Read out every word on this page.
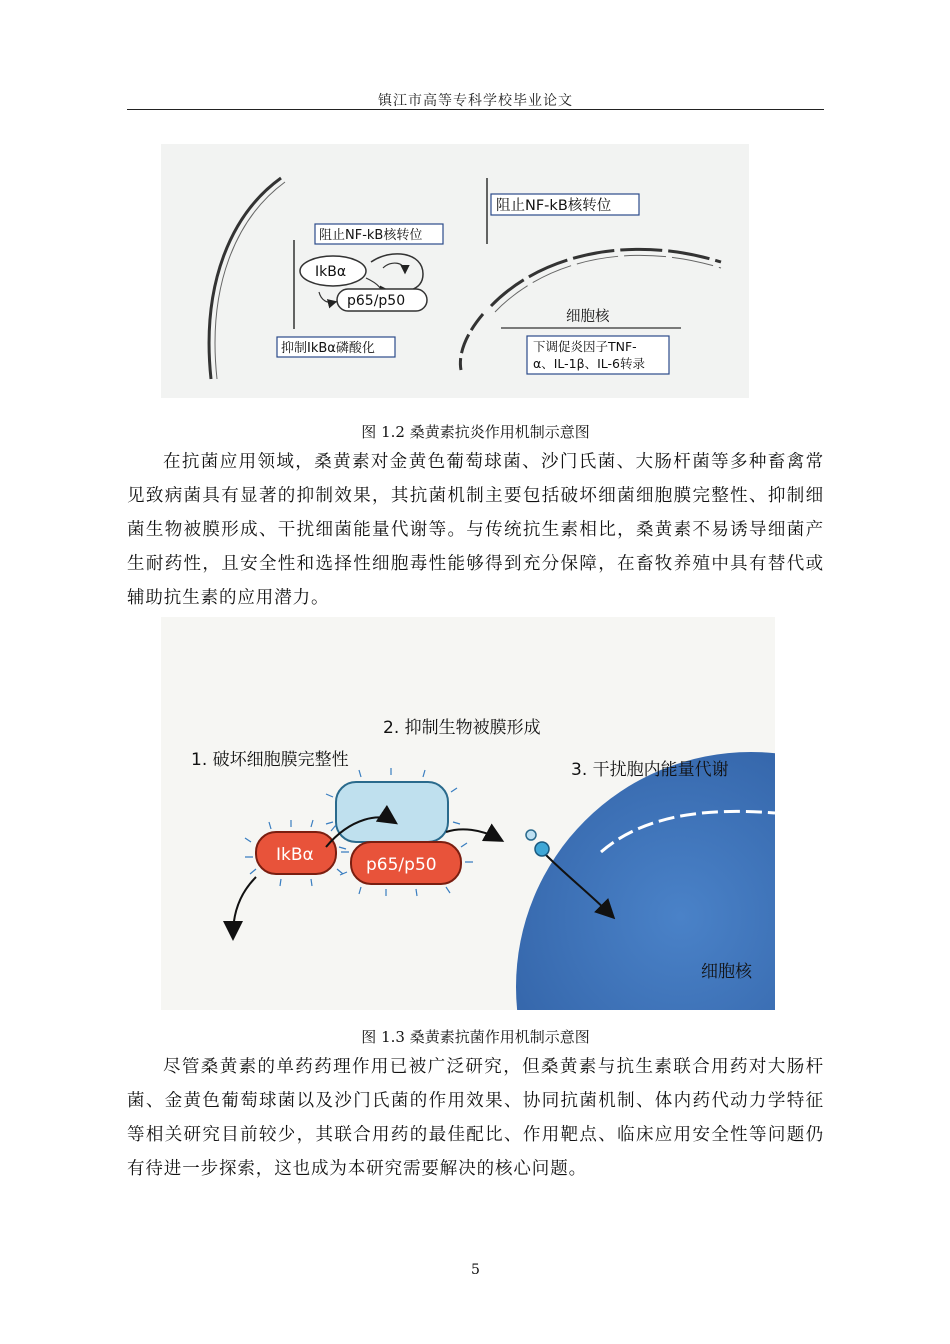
镇江市高等专科学校毕业论文
阻止NF-kB核转位
阻止NF-kB核转位
IkBα
p65/p50
抑制IkBα磷酸化
细胞核
下调促炎因子TNF-
α、IL-1β、IL-6转录
图 1.2 桑黄素抗炎作用机制示意图

在抗菌应用领域，桑黄素对金黄色葡萄球菌、沙门氏菌、大肠杆菌等多种畜禽常见致病菌具有显著的抑制效果，其抗菌机制主要包括破坏细菌细胞膜完整性、抑制细菌生物被膜形成、干扰细菌能量代谢等。与传统抗生素相比，桑黄素不易诱导细菌产生耐药性，且安全性和选择性细胞毒性能够得到充分保障，在畜牧养殖中具有替代或辅助抗生素的应用潜力。

细胞核
IkBα	p65/p50
1. 破坏细胞膜完整性
2. 抑制生物被膜形成
3. 干扰胞内能量代谢
图 1.3 桑黄素抗菌作用机制示意图

尽管桑黄素的单药药理作用已被广泛研究，但桑黄素与抗生素联合用药对大肠杆菌、金黄色葡萄球菌以及沙门氏菌的作用效果、协同抗菌机制、体内药代动力学特征等相关研究目前较少，其联合用药的最佳配比、作用靶点、临床应用安全性等问题仍有待进一步探索，这也成为本研究需要解决的核心问题。

5
